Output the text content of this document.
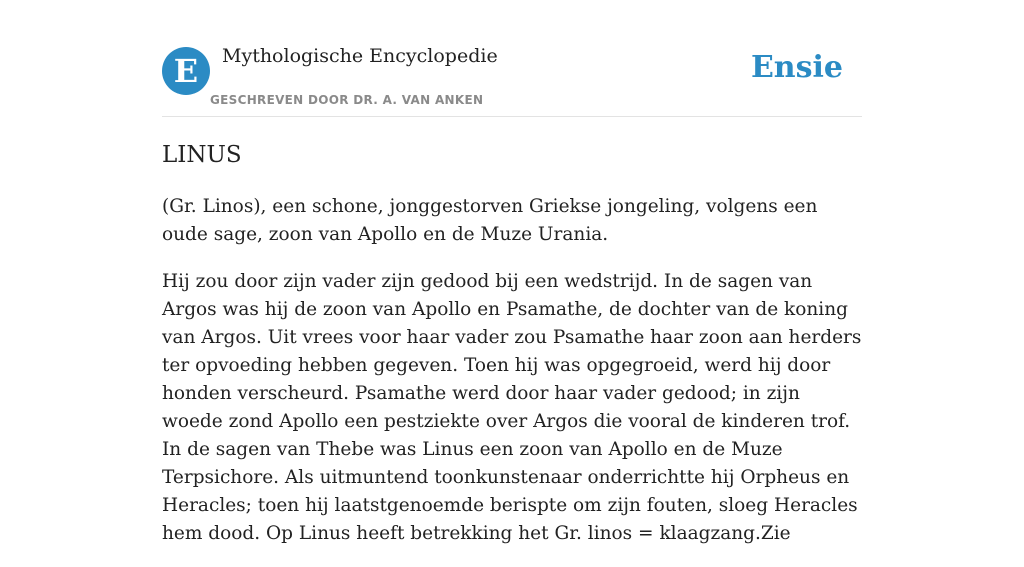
E	Mythologische Encyclopedie
GESCHREVEN DOOR DR. A. VAN ANKEN
Ensie
LINUS

(Gr. Linos), een schone, jonggestorven Griekse jongeling, volgens een oude sage, zoon van Apollo en de Muze Urania.

Hij zou door zijn vader zijn gedood bij een wedstrijd. In de sagen van Argos was hij de zoon van Apollo en Psamathe, de dochter van de koning van Argos. Uit vrees voor haar vader zou Psamathe haar zoon aan herders ter opvoeding hebben gegeven. Toen hij was opgegroeid, werd hij door honden verscheurd. Psamathe werd door haar vader gedood; in zijn woede zond Apollo een pestziekte over Argos die vooral de kinderen trof. In de sagen van Thebe was Linus een zoon van Apollo en de Muze Terpsichore. Als uitmuntend toonkunstenaar onderrichtte hij Orpheus en Heracles; toen hij laatstgenoemde berispte om zijn fouten, sloeg Heracles hem dood. Op Linus heeft betrekking het Gr. linos = klaagzang.Zie
